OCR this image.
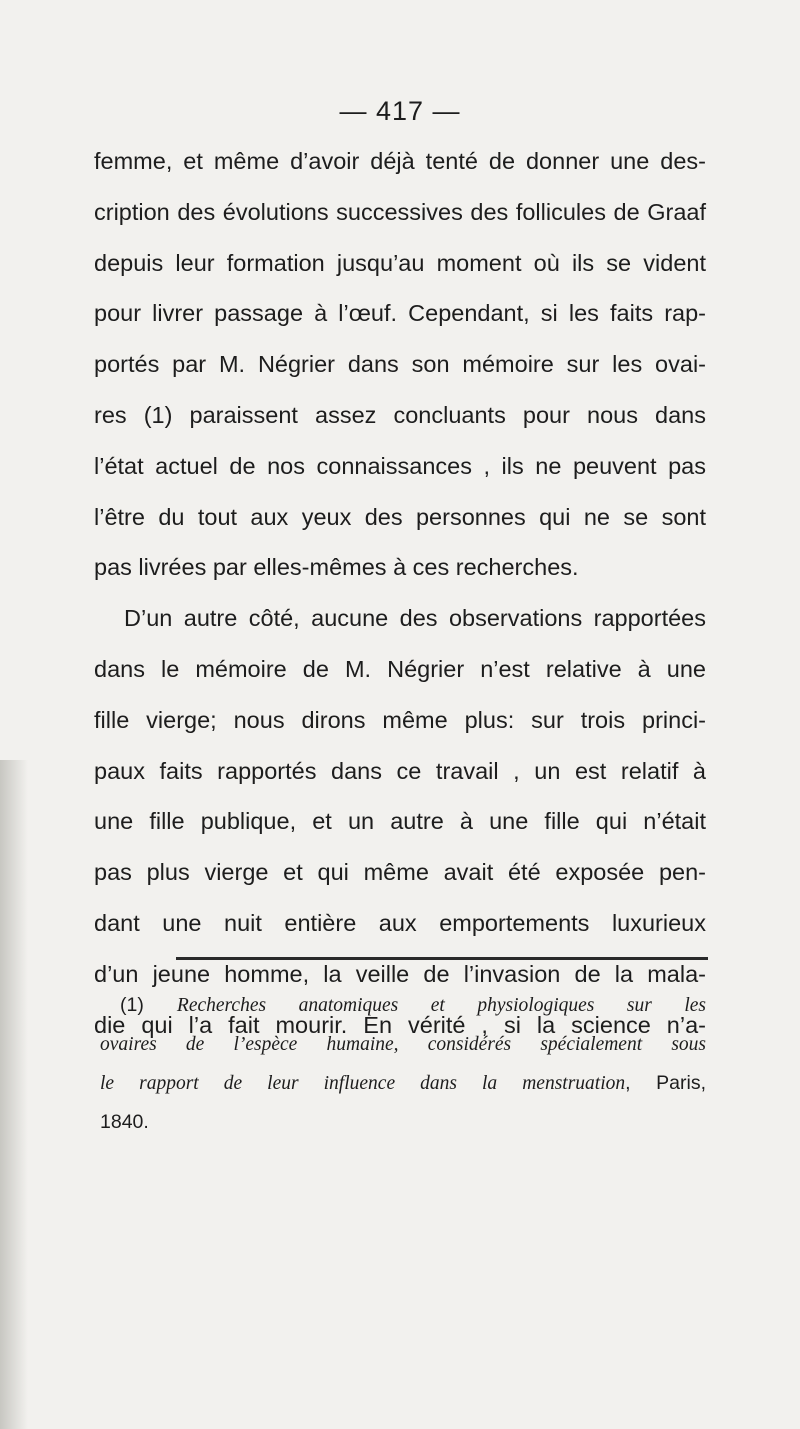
— 417 —
femme, et même d’avoir déjà tenté de donner une des-
cription des évolutions successives des follicules de Graaf
depuis leur formation jusqu’au moment où ils se vident
pour livrer passage à l’œuf. Cependant, si les faits rap-
portés par M. Négrier dans son mémoire sur les ovai-
res (1) paraissent assez concluants pour nous dans
l’état actuel de nos connaissances , ils ne peuvent pas
l’être du tout aux yeux des personnes qui ne se sont
pas livrées par elles-mêmes à ces recherches.
D’un autre côté, aucune des observations rapportées
dans le mémoire de M. Négrier n’est relative à une
fille vierge; nous dirons même plus: sur trois princi-
paux faits rapportés dans ce travail , un est relatif à
une fille publique, et un autre à une fille qui n’était
pas plus vierge et qui même avait été exposée pen-
dant une nuit entière aux emportements luxurieux
d’un jeune homme, la veille de l’invasion de la mala-
die qui l’a fait mourir. En vérité , si la science n’a-
(1) Recherches anatomiques et physiologiques sur les
ovaires de l’espèce humaine, considérés spécialement sous
le rapport de leur influence dans la menstruation, Paris,
1840.
